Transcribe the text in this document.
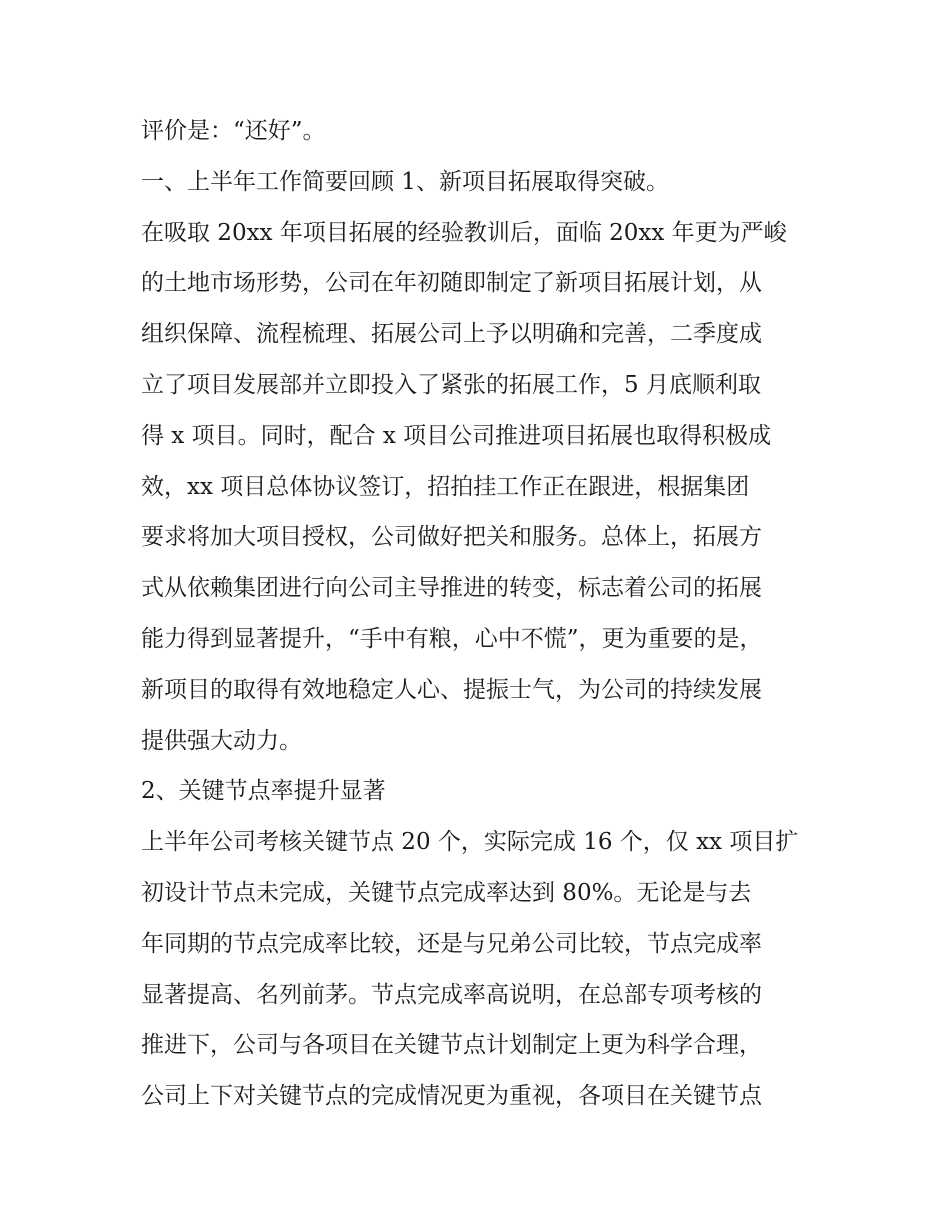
评价是：“还好”。
一、上半年工作简要回顾 1、新项目拓展取得突破。
在吸取 20xx 年项目拓展的经验教训后，面临 20xx 年更为严峻
的土地市场形势，公司在年初随即制定了新项目拓展计划，从
组织保障、流程梳理、拓展公司上予以明确和完善，二季度成
立了项目发展部并立即投入了紧张的拓展工作，5 月底顺利取
得 x 项目。同时，配合 x 项目公司推进项目拓展也取得积极成
效，xx 项目总体协议签订，招拍挂工作正在跟进，根据集团
要求将加大项目授权，公司做好把关和服务。总体上，拓展方
式从依赖集团进行向公司主导推进的转变，标志着公司的拓展
能力得到显著提升，“手中有粮，心中不慌”，更为重要的是，
新项目的取得有效地稳定人心、提振士气，为公司的持续发展
提供强大动力。
2、关键节点率提升显著
上半年公司考核关键节点 20 个，实际完成 16 个，仅 xx 项目扩
初设计节点未完成，关键节点完成率达到 80%。无论是与去
年同期的节点完成率比较，还是与兄弟公司比较，节点完成率
显著提高、名列前茅。节点完成率高说明，在总部专项考核的
推进下，公司与各项目在关键节点计划制定上更为科学合理，
公司上下对关键节点的完成情况更为重视，各项目在关键节点
